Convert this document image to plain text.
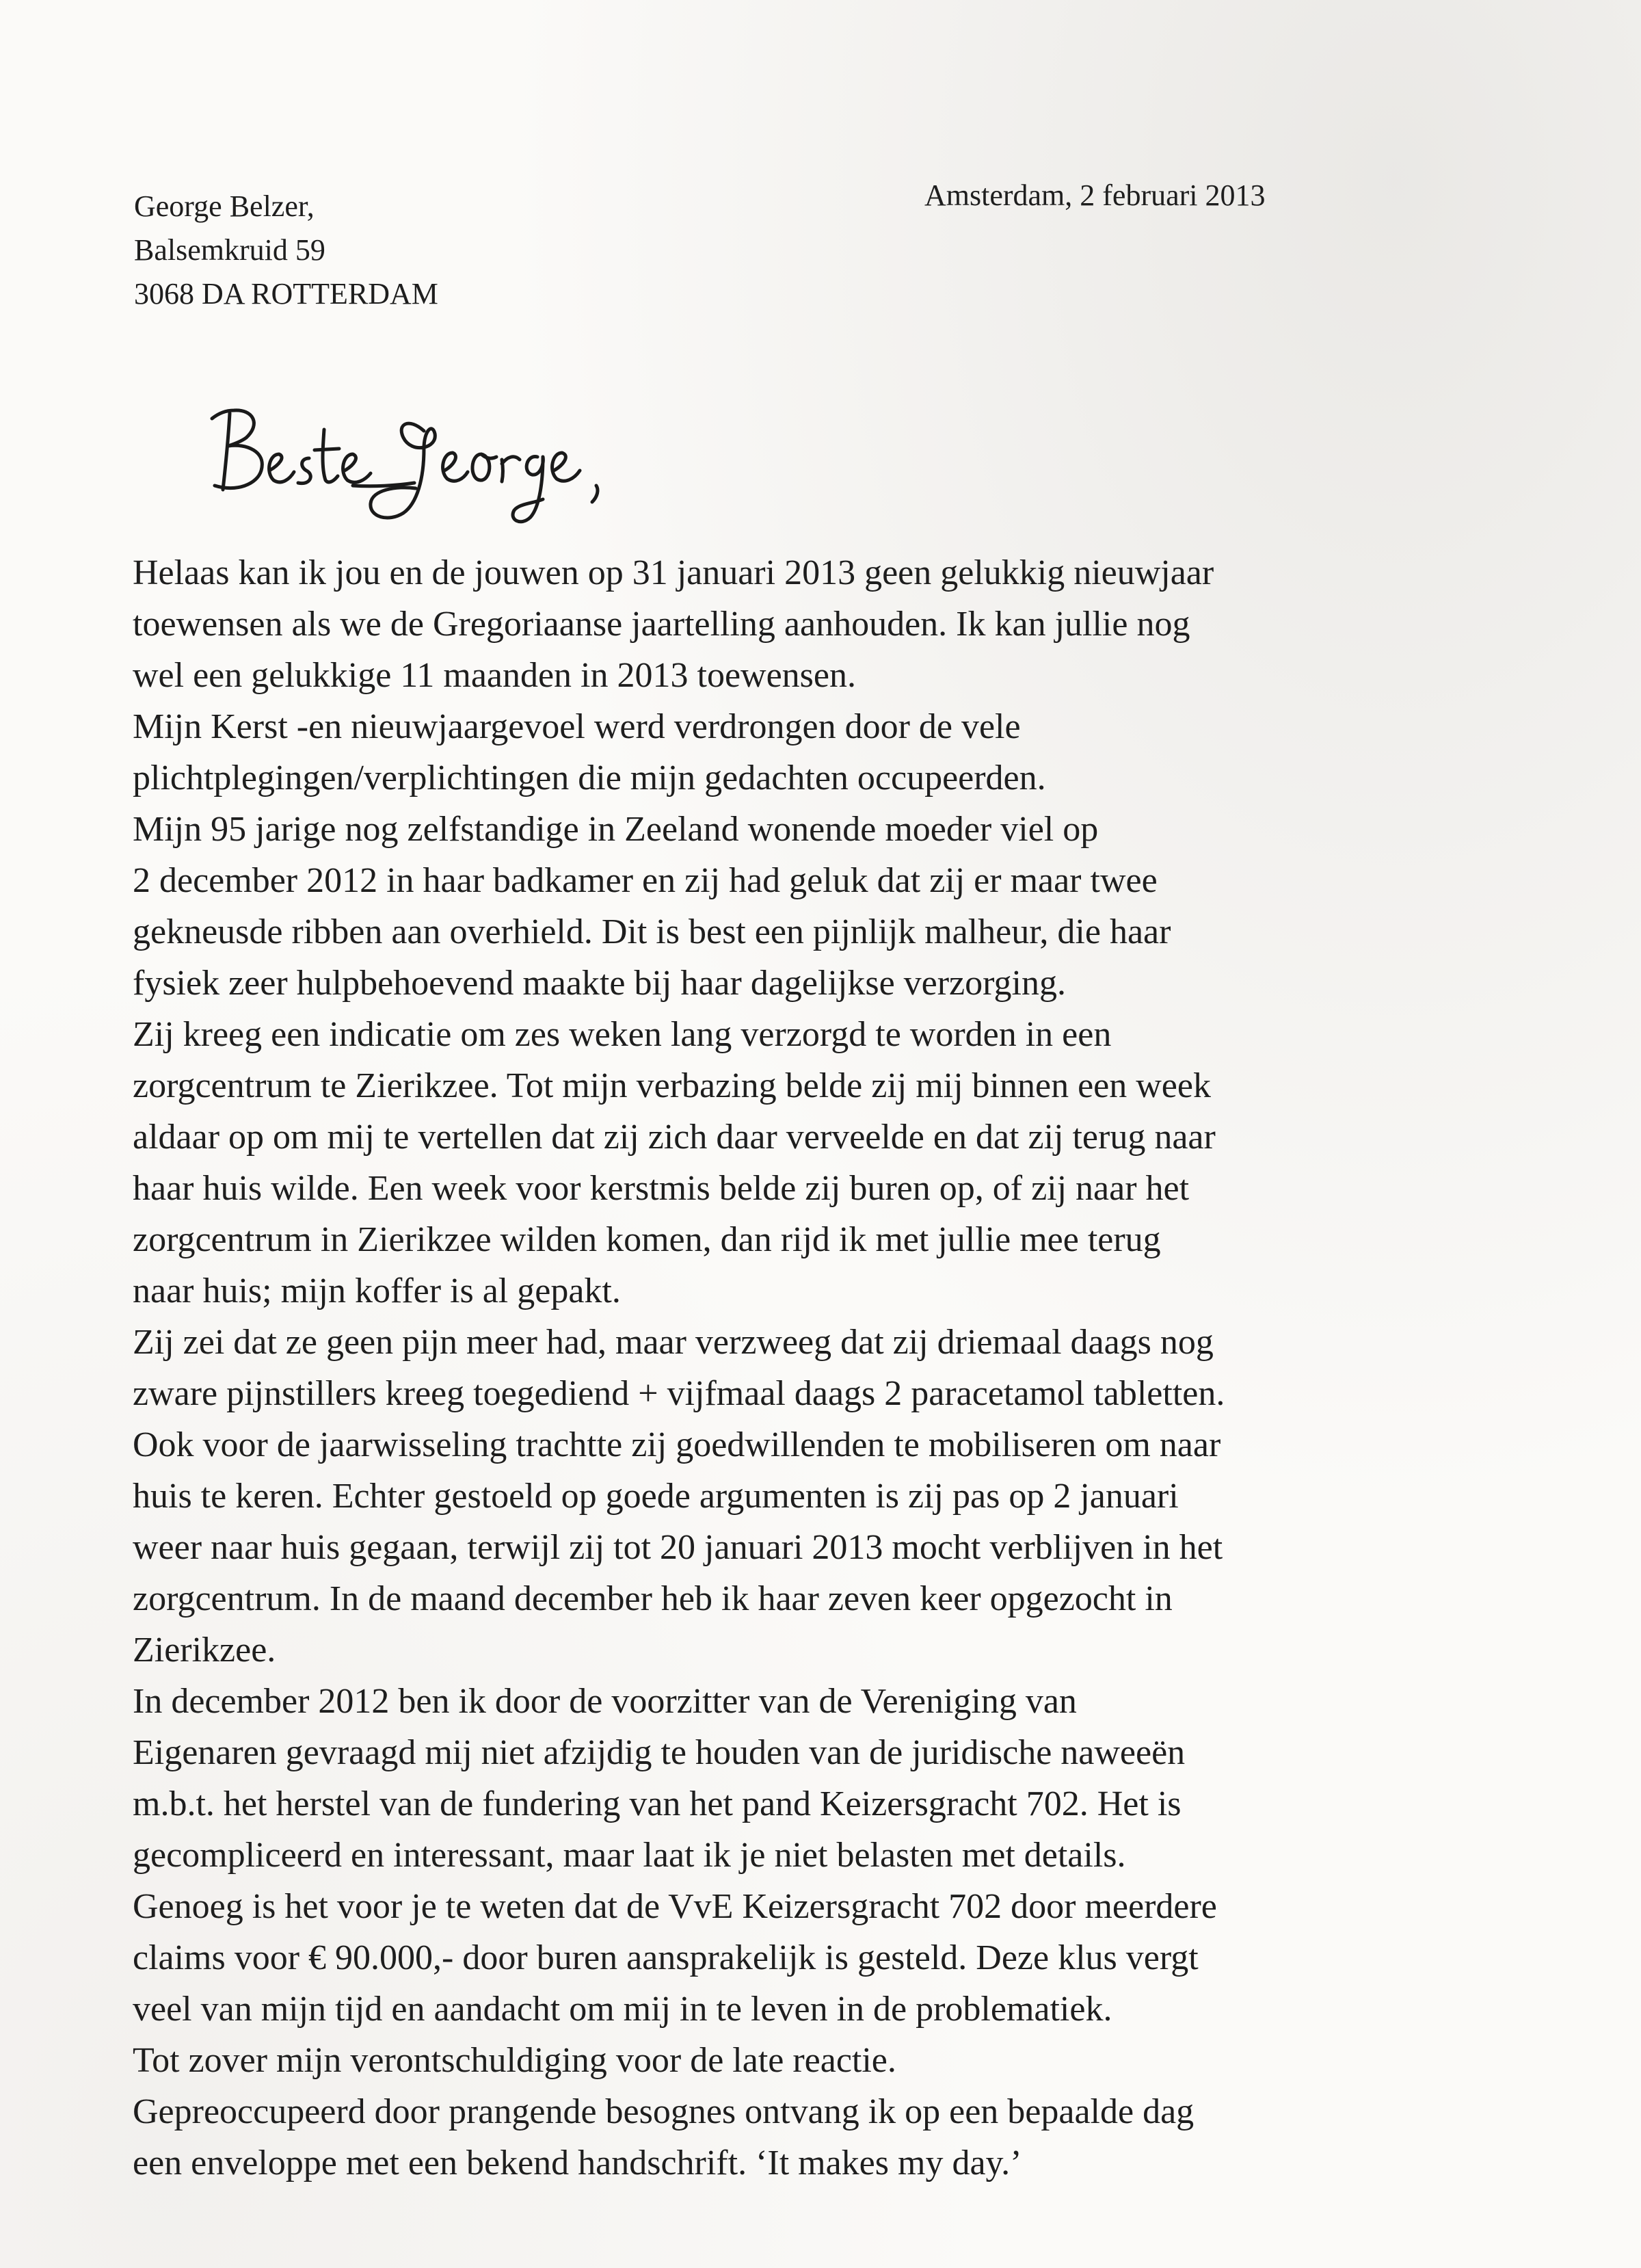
George Belzer,
Balsemkruid 59
3068 DA ROTTERDAM
Amsterdam, 2 februari 2013
Helaas kan ik jou en de jouwen op 31 januari 2013 geen gelukkig nieuwjaar
toewensen als we de Gregoriaanse jaartelling aanhouden. Ik kan jullie nog
wel een gelukkige 11 maanden in 2013 toewensen.
Mijn Kerst -en nieuwjaargevoel werd verdrongen door de vele
plichtplegingen/verplichtingen die mijn gedachten occupeerden.
Mijn 95 jarige nog zelfstandige in Zeeland wonende moeder viel op
2 december 2012 in haar badkamer en zij had geluk dat zij er maar twee
gekneusde ribben aan overhield. Dit is best een pijnlijk malheur, die haar
fysiek zeer hulpbehoevend maakte bij haar dagelijkse verzorging.
Zij kreeg een indicatie om zes weken lang verzorgd te worden in een
zorgcentrum te Zierikzee. Tot mijn verbazing belde zij mij binnen een week
aldaar op om mij te vertellen dat zij zich daar verveelde en dat zij terug naar
haar huis wilde. Een week voor kerstmis belde zij buren op, of zij naar het
zorgcentrum in Zierikzee wilden komen, dan rijd ik met jullie mee terug
naar huis; mijn koffer is al gepakt.
Zij zei dat ze geen pijn meer had, maar verzweeg dat zij driemaal daags nog
zware pijnstillers kreeg toegediend + vijfmaal daags 2 paracetamol tabletten.
Ook voor de jaarwisseling trachtte zij goedwillenden te mobiliseren om naar
huis te keren. Echter gestoeld op goede argumenten is zij pas op 2 januari
weer naar huis gegaan, terwijl zij tot 20 januari 2013 mocht verblijven in het
zorgcentrum. In de maand december heb ik haar zeven keer opgezocht in
Zierikzee.
In december 2012 ben ik door de voorzitter van de Vereniging van
Eigenaren gevraagd mij niet afzijdig te houden van de juridische naweeën
m.b.t. het herstel van de fundering van het pand Keizersgracht 702. Het is
gecompliceerd en interessant, maar laat ik je niet belasten met details.
Genoeg is het voor je te weten dat de VvE Keizersgracht 702 door meerdere
claims voor € 90.000,- door buren aansprakelijk is gesteld. Deze klus vergt
veel van mijn tijd en aandacht om mij in te leven in de problematiek.
Tot zover mijn verontschuldiging voor de late reactie.
Gepreoccupeerd door prangende besognes ontvang ik op een bepaalde dag
een enveloppe met een bekend handschrift. ‘It makes my day.’
